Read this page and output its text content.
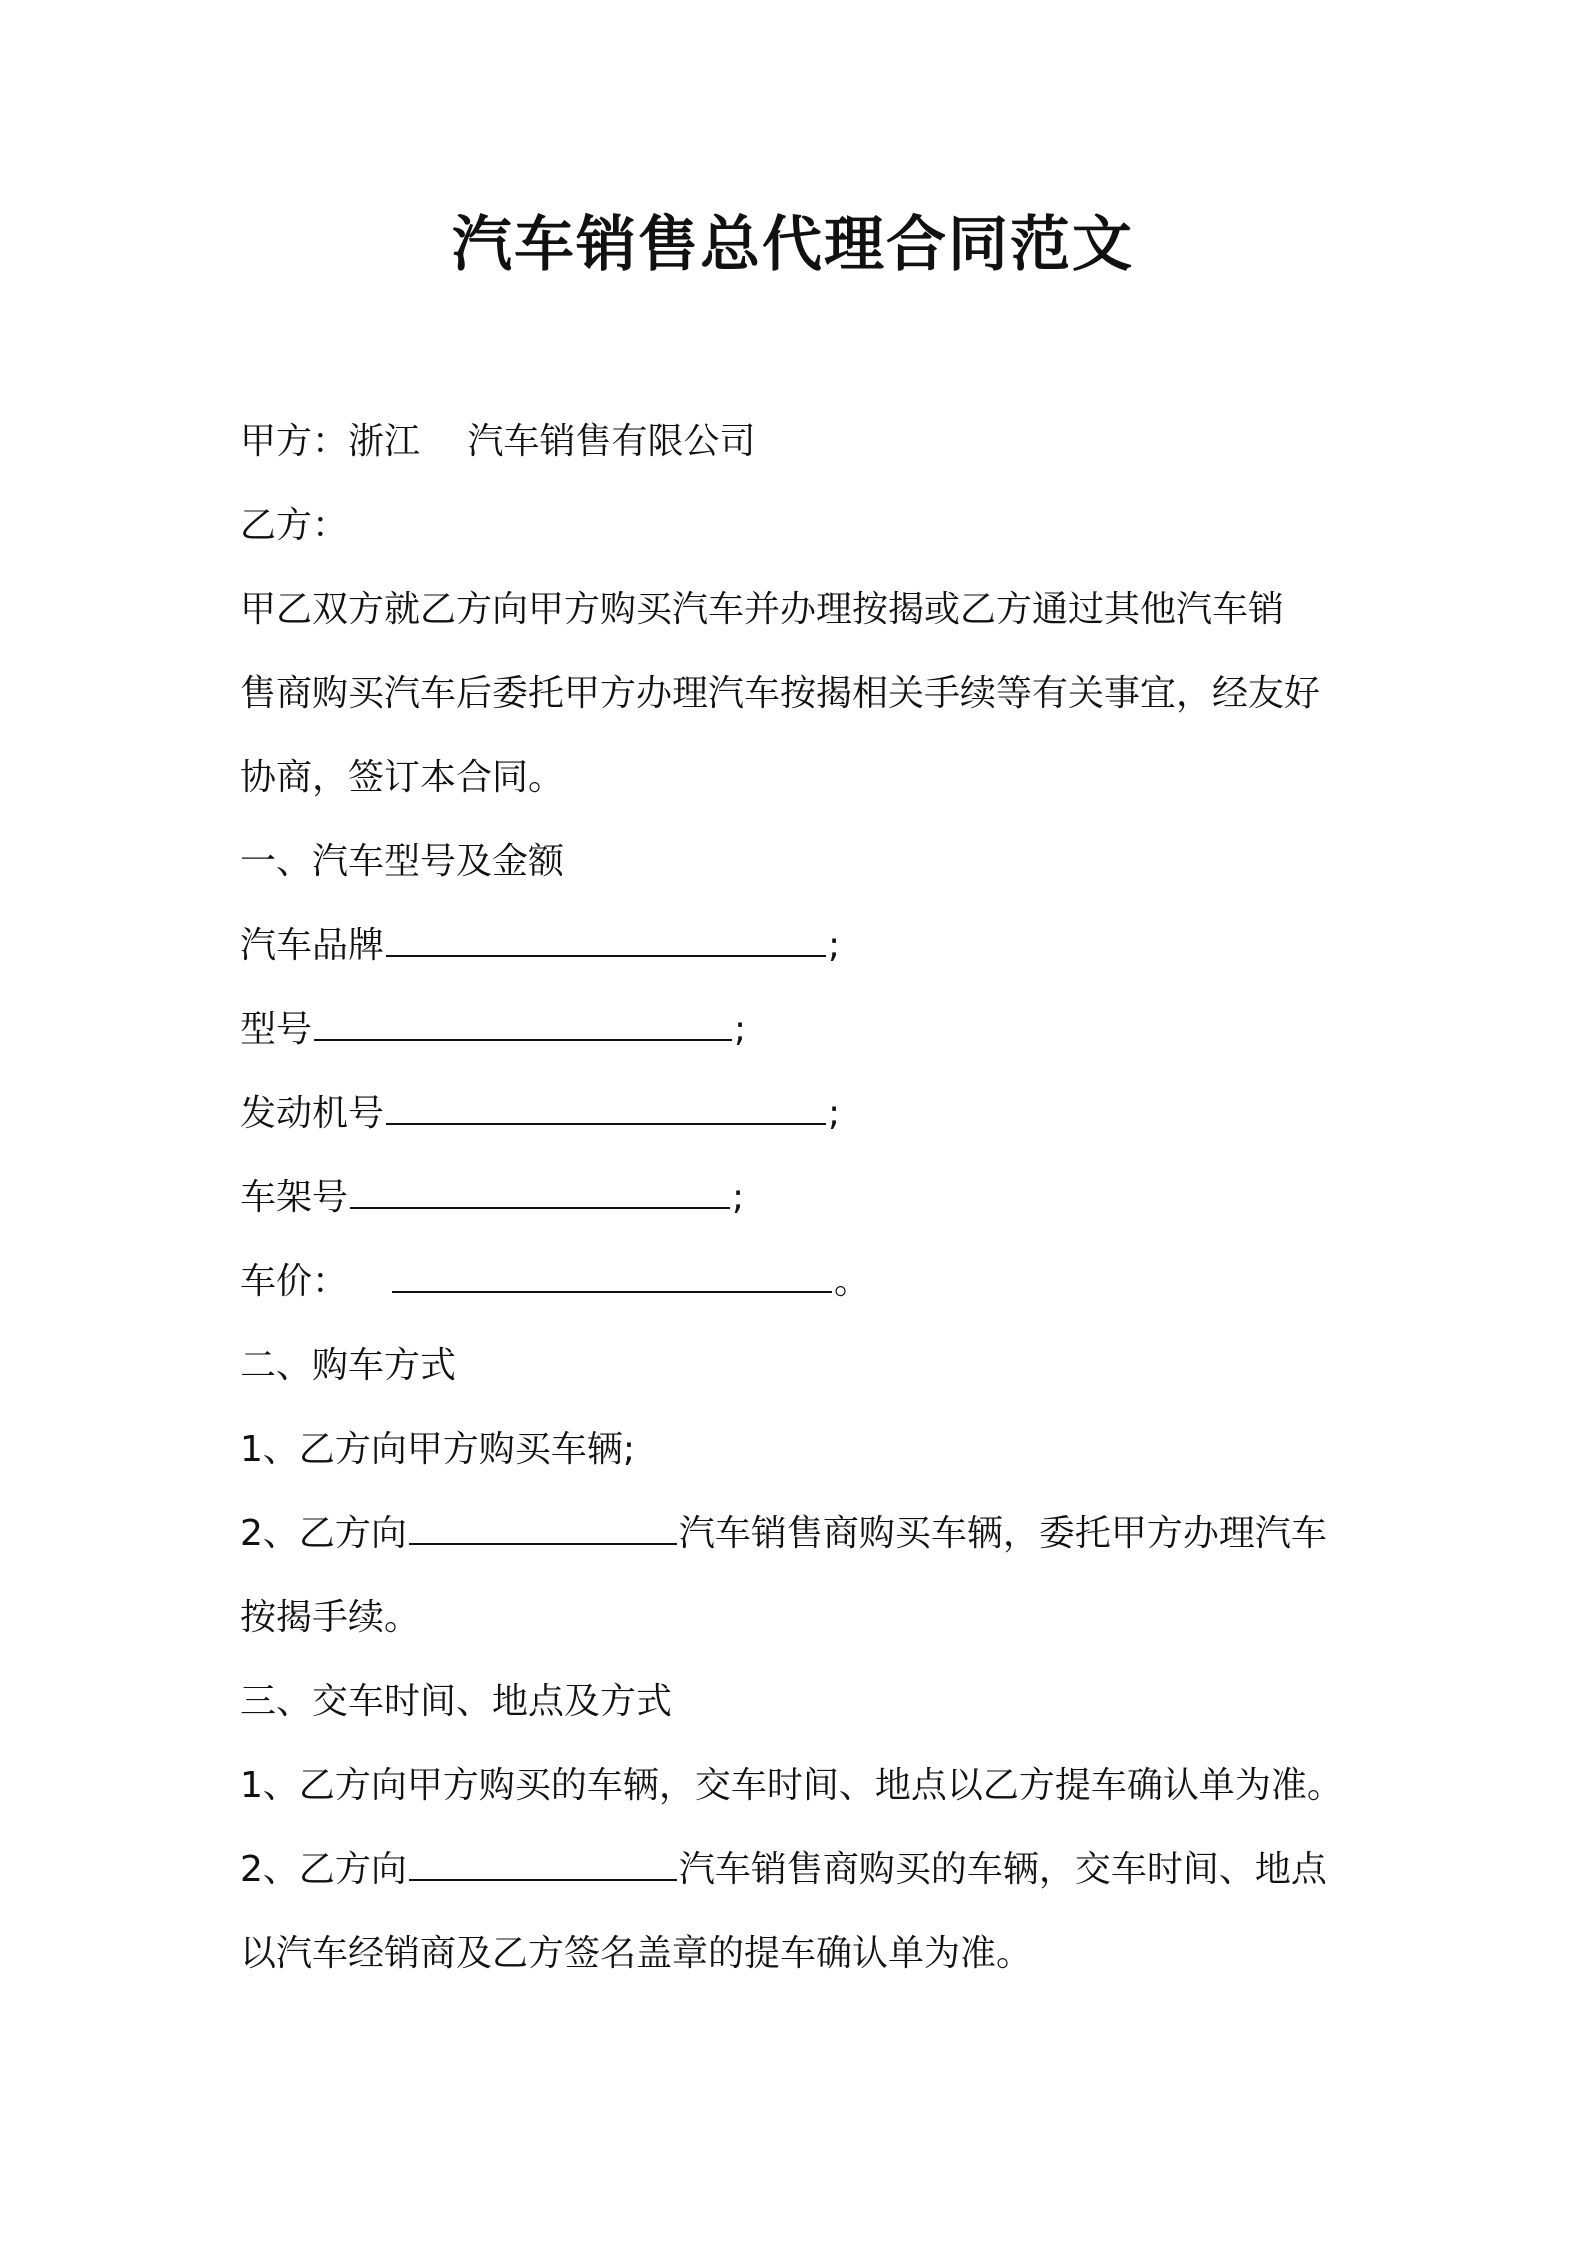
汽车销售总代理合同范文
甲方：浙江　 汽车销售有限公司
乙方：
甲乙双方就乙方向甲方购买汽车并办理按揭或乙方通过其他汽车销
售商购买汽车后委托甲方办理汽车按揭相关手续等有关事宜，经友好
协商，签订本合同。
一、汽车型号及金额
汽车品牌	;
型号	;
发动机号	;
车架号	;
车价：	。
二、购车方式
1、乙方向甲方购买车辆;
2、乙方向	汽车销售商购买车辆，委托甲方办理汽车
按揭手续。
三、交车时间、地点及方式
1、乙方向甲方购买的车辆，交车时间、地点以乙方提车确认单为准。
2、乙方向	汽车销售商购买的车辆，交车时间、地点
以汽车经销商及乙方签名盖章的提车确认单为准。
